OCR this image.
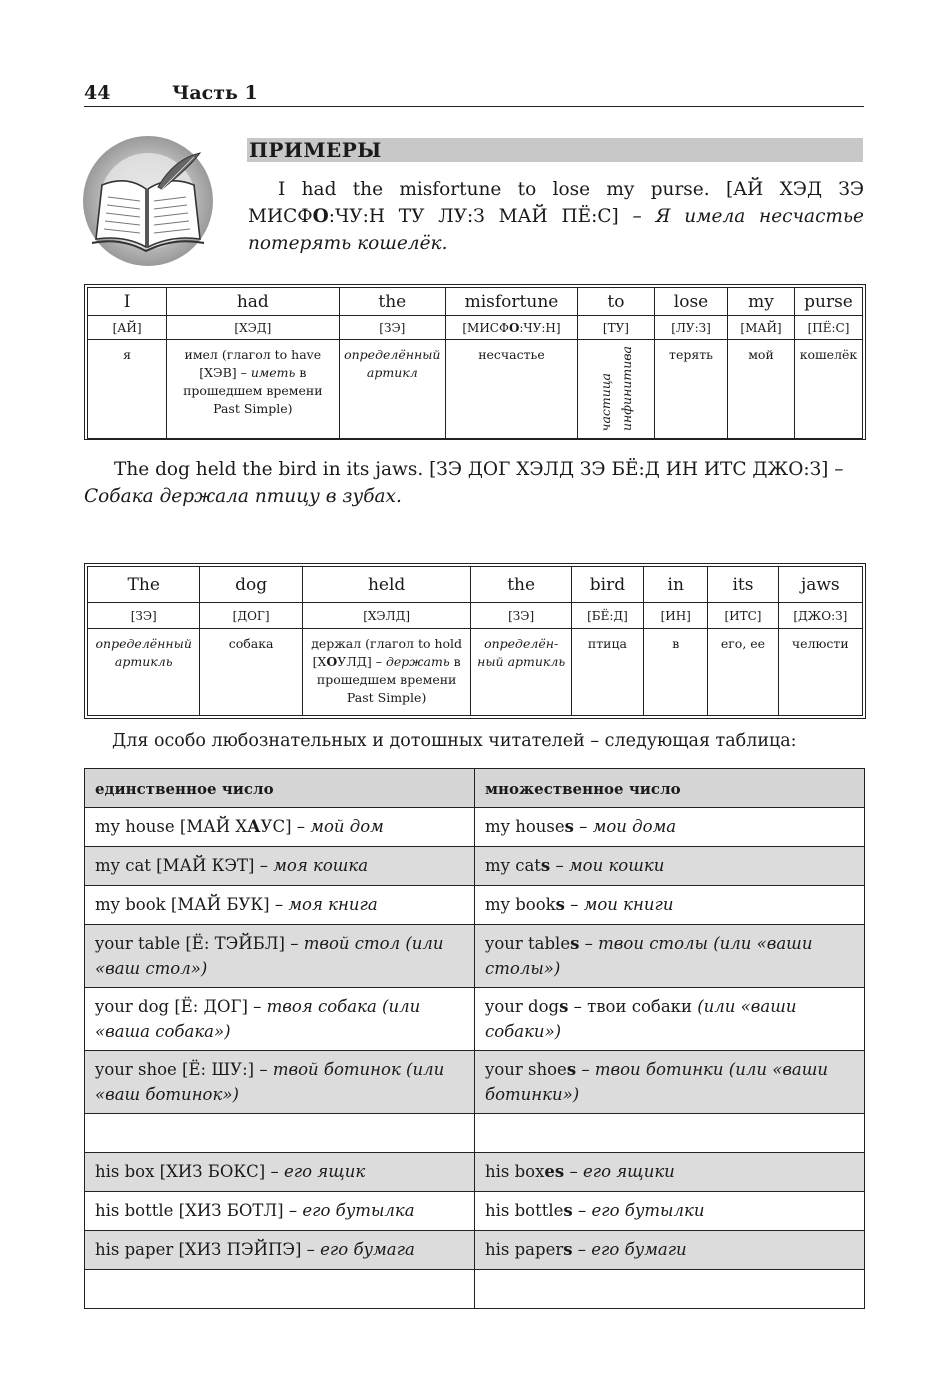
44	Часть 1
ПРИМЕРЫ

I had the misfortune to lose my purse. [АЙ ХЭД ЗЭ МИСФО:ЧУ:Н ТУ ЛУ:З МАЙ ПЁ:С] – Я имела несчастье потерять кошелёк.

I	had	the	misfortune	to	lose	my	purse
[АЙ]	[ХЭД]	[ЗЭ]	[МИСФО:ЧУ:Н]	[ТУ]	[ЛУ:З]	[МАЙ]	[ПЁ:С]
я	имел (глагол to have [ХЭВ] – иметь в прошедшем времени Past Simple)	определённый артикл	несчастье	частица инфинитива	терять	мой	кошелёк

The dog held the bird in its jaws. [ЗЭ ДОГ ХЭЛД ЗЭ БЁ:Д ИН ИТС ДЖО:З] – Собака держала птицу в зубах.

The	dog	held	the	bird	in	its	jaws
[ЗЭ]	[ДОГ]	[ХЭЛД]	[ЗЭ]	[БЁ:Д]	[ИН]	[ИТС]	[ДЖО:З]
определённый артикль	собака	держал (глагол to hold [ХОУЛД] – держать в прошедшем времени Past Simple)	определён-ный артикль	птица	в	его, ее	челюсти

Для особо любознательных и дотошных читателей – следующая таблица:

единственное число	множественное число
my house [МАЙ ХАУС] – мой дом	my houses – мои дома
my cat [МАЙ КЭТ] – моя кошка	my cats – мои кошки
my book [МАЙ БУК] – моя книга	my books – мои книги
your table [Ё: ТЭЙБЛ] – твой стол (или «ваш стол»)	your tables – твои столы (или «ваши столы»)
your dog [Ё: ДОГ] – твоя собака (или «ваша собака»)	your dogs – твои собаки (или «ваши собаки»)
your shoe [Ё: ШУ:] – твой ботинок (или «ваш ботинок»)	your shoes – твои ботинки (или «ваши ботинки»)

his box [ХИЗ БОКС] – его ящик	his boxes – его ящики
his bottle [ХИЗ БОТЛ] – его бутылка	his bottles – его бутылки
his paper [ХИЗ ПЭЙПЭ] – его бумага	his papers – его бумаги
